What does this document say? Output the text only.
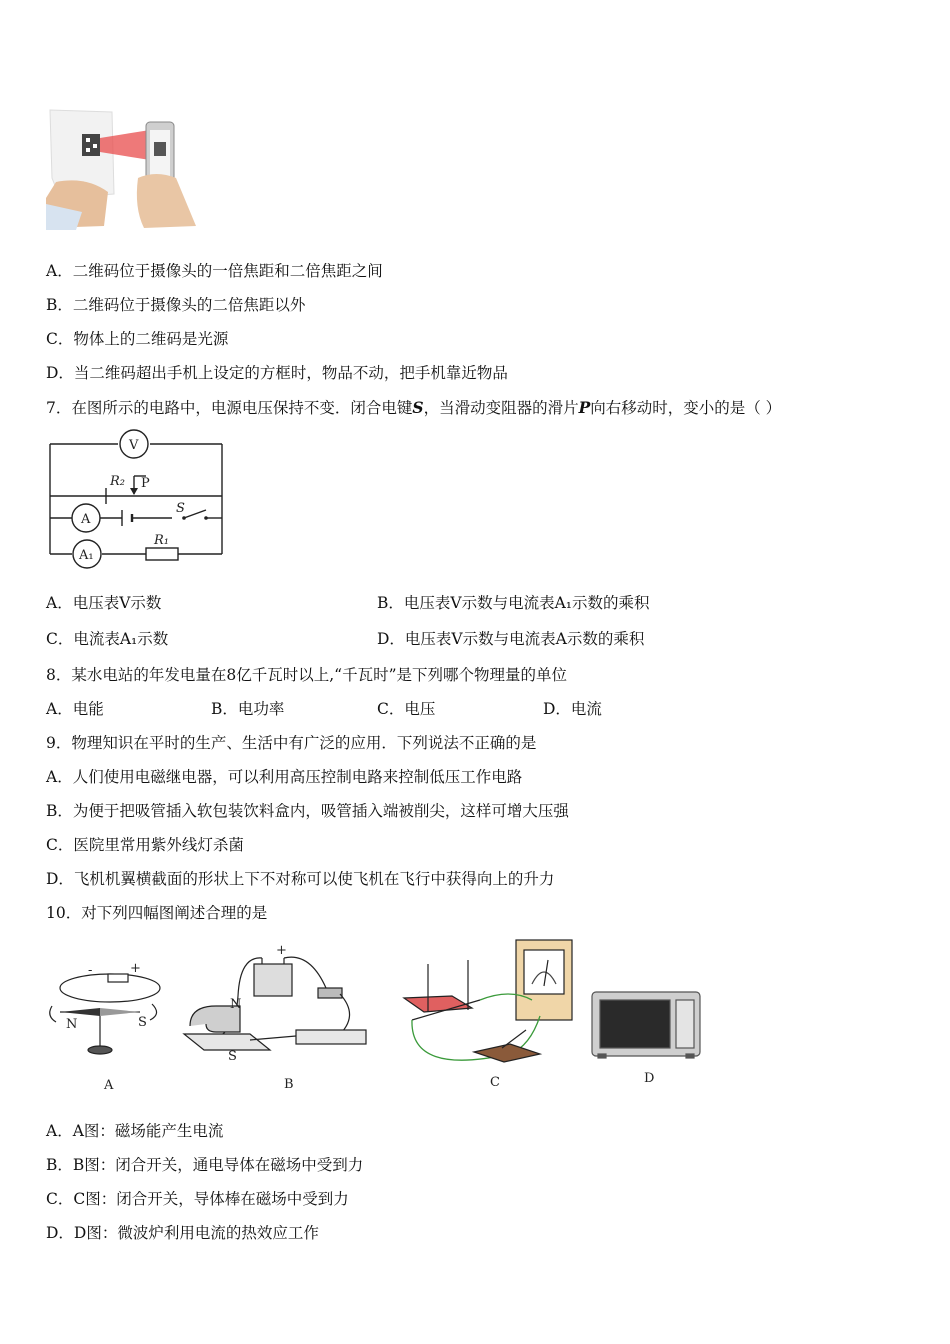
A．二维码位于摄像头的一倍焦距和二倍焦距之间
B．二维码位于摄像头的二倍焦距以外
C．物体上的二维码是光源
D．当二维码超出手机上设定的方框时，物品不动，把手机靠近物品
7．在图所示的电路中，电源电压保持不变．闭合电键S，当滑动变阻器的滑片P向右移动时，变小的是（ ）
V
A
A₁
R₂ P
S
R₁
A．电压表V示数	B．电压表V示数与电流表A₁示数的乘积
C．电流表A₁示数	D．电压表V示数与电流表A示数的乘积
8．某水电站的年发电量在8亿千瓦时以上,“千瓦时”是下列哪个物理量的单位
A．电能	B．电功率	C．电压	D．电流
9．物理知识在平时的生产、生活中有广泛的应用．下列说法不正确的是
A．人们使用电磁继电器，可以利用高压控制电路来控制低压工作电路
B．为便于把吸管插入软包装饮料盒内，吸管插入端被削尖，这样可增大压强
C．医院里常用紫外线灯杀菌
D．飞机机翼横截面的形状上下不对称可以使飞机在飞行中获得向上的升力
10．对下列四幅图阐述合理的是
-	+
N	S
A
N
S
+
B	C	D
A．A图：磁场能产生电流
B．B图：闭合开关，通电导体在磁场中受到力
C．C图：闭合开关，导体棒在磁场中受到力
D．D图：微波炉利用电流的热效应工作
